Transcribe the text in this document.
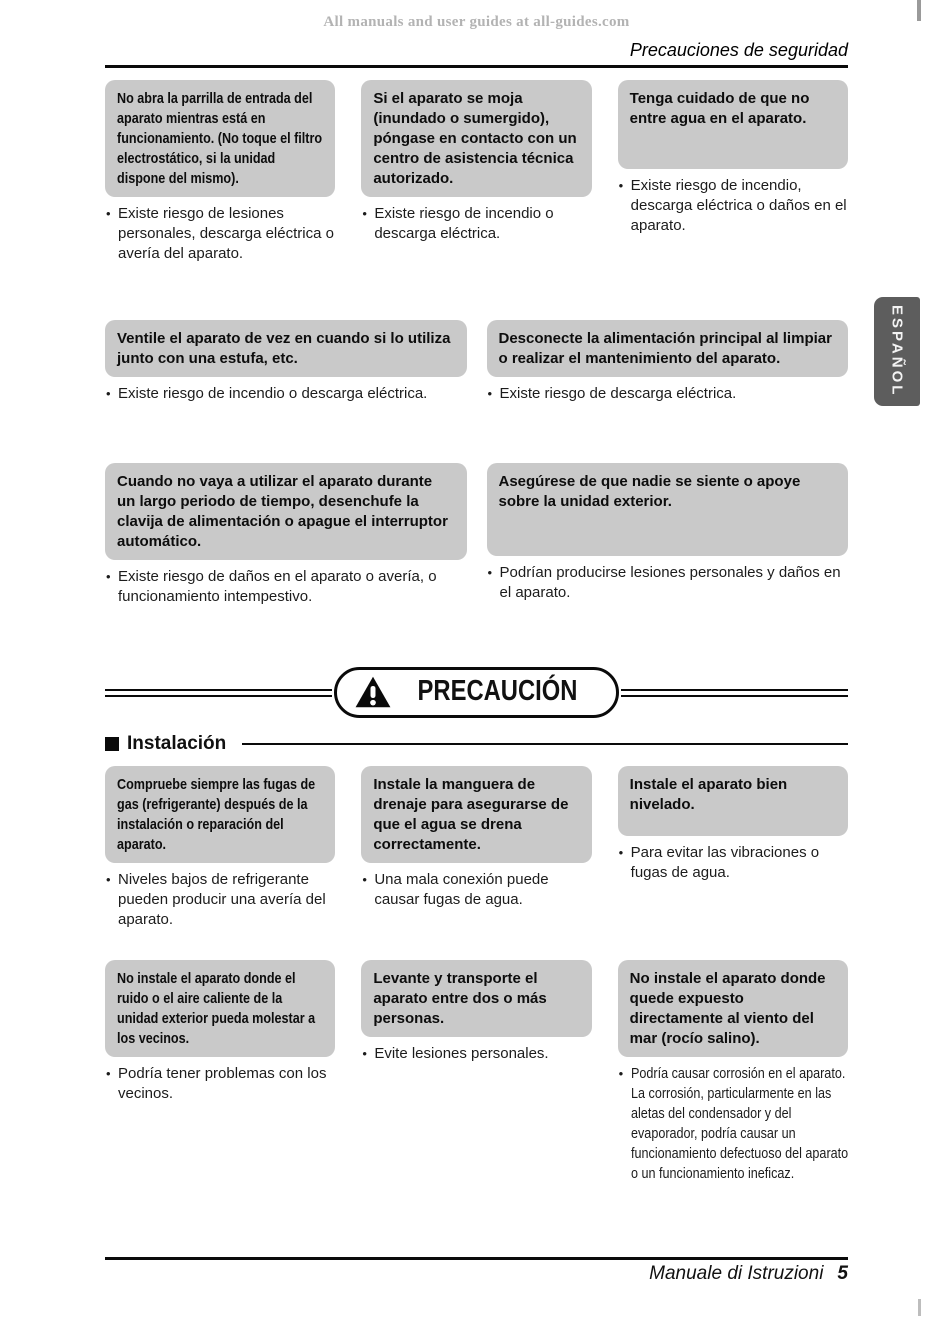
All manuals and user guides at all-guides.com
Precauciones de seguridad
No abra la parrilla de entrada del aparato mientras está en funcionamiento. (No toque el filtro electrostático, si la unidad dispone del mismo).
• Existe riesgo de lesiones personales, descarga eléctrica o avería del aparato.
Si el aparato se moja (inundado o sumergido), póngase en contacto con un centro de asistencia técnica autorizado.
• Existe riesgo de incendio o descarga eléctrica.
Tenga cuidado de que no entre agua en el aparato.
• Existe riesgo de incendio, descarga eléctrica o daños en el aparato.
Ventile el aparato de vez en cuando si lo utiliza junto con una estufa, etc.
• Existe riesgo de incendio o descarga eléctrica.
Desconecte la alimentación principal al limpiar o realizar el mantenimiento del aparato.
• Existe riesgo de descarga eléctrica.
Cuando no vaya a utilizar el aparato durante un largo periodo de tiempo, desenchufe la clavija de alimentación o apague el interruptor automático.
• Existe riesgo de daños en el aparato o avería, o funcionamiento intempestivo.
Asegúrese de que nadie se siente o apoye sobre la unidad exterior.
• Podrían producirse lesiones personales y daños en el aparato.
PRECAUCIÓN
Instalación
Compruebe siempre las fugas de gas (refrigerante) después de la instalación o reparación del aparato.
• Niveles bajos de refrigerante pueden producir una avería del aparato.
Instale la manguera de drenaje para asegurarse de que el agua se drena correctamente.
• Una mala conexión puede causar fugas de agua.
Instale el aparato bien nivelado.
• Para evitar las vibraciones o fugas de agua.
No instale el aparato donde el ruido o el aire caliente de la unidad exterior pueda molestar a los vecinos.
• Podría tener problemas con los vecinos.
Levante y transporte el aparato entre dos o más personas.
• Evite lesiones personales.
No instale el aparato donde quede expuesto directamente al viento del mar (rocío salino).
• Podría causar corrosión en el aparato. La corrosión, particularmente en las aletas del condensador y del evaporador, podría causar un funcionamiento defectuoso del aparato o un funcionamiento ineficaz.
ESPAÑOL
Manuale di Istruzioni 5
